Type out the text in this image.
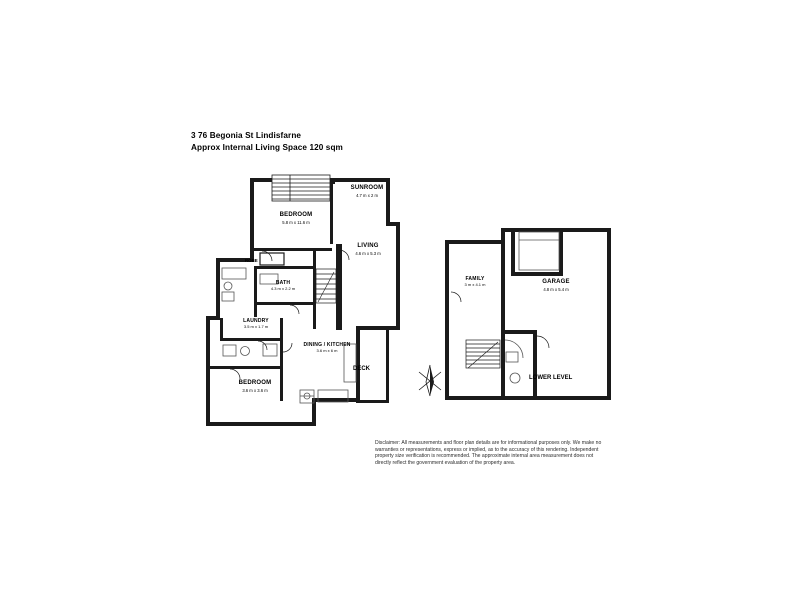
3 76 Begonia St Lindisfarne
Approx Internal Living Space 120 sqm
SUNROOM
4.7 m x 2 m
BEDROOM
5.8 m x 11.6 m
LIVING
4.6 m x 5.3 m
BATH
4.3 m x 2.2 m
LAUNDRY
3.5 m x 1.7 m
DINING / KITCHEN
3.6 m x 6 m
BEDROOM
3.6 m x 3.6 m
FAMILY
3 m x 4.1 m	GARAGE
4.8 m x 5.4 m
ROBE
DECK
LOWER LEVEL
Disclaimer: All measurements and floor plan details are for informational purposes only. We make no warranties or representations, express or implied, as to the accuracy of this rendering. Independent property size verification is recommended. The approximate internal area measurement does not directly reflect the government evaluation of the property area.
